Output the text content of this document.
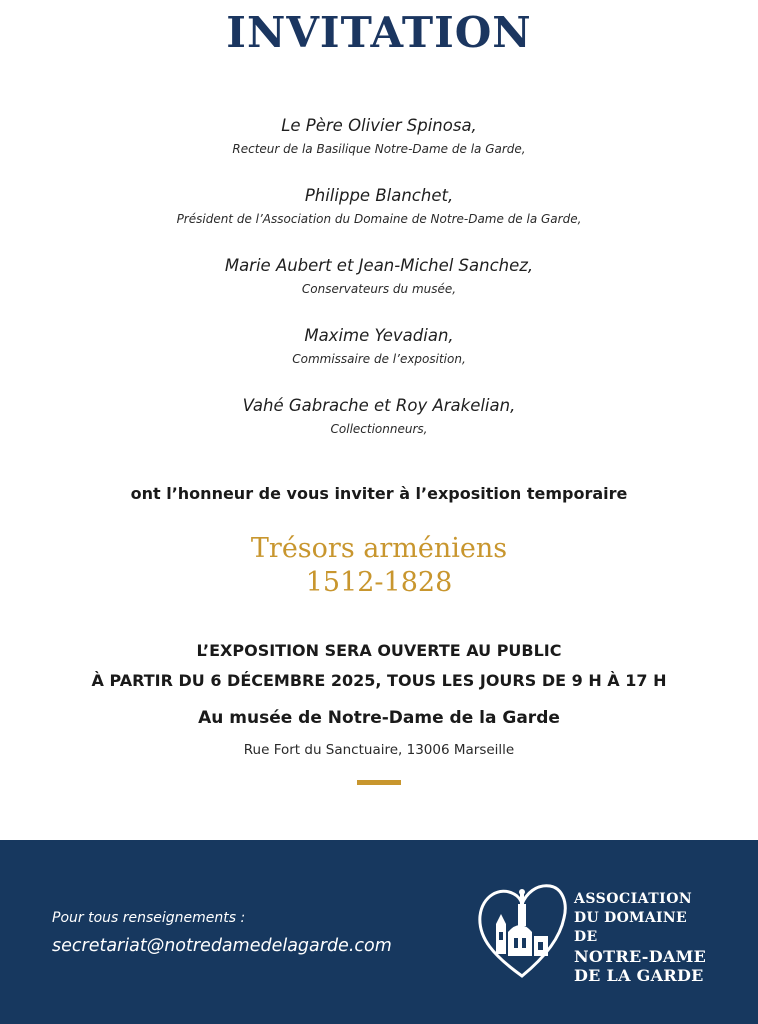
INVITATION
Le Père Olivier Spinosa,
Recteur de la Basilique Notre-Dame de la Garde,
Philippe Blanchet,
Président de l’Association du Domaine de Notre-Dame de la Garde,
Marie Aubert et Jean-Michel Sanchez,
Conservateurs du musée,
Maxime Yevadian,
Commissaire de l’exposition,
Vahé Gabrache et Roy Arakelian,
Collectionneurs,
ont l’honneur de vous inviter à l’exposition temporaire
Trésors arméniens
1512-1828
L’EXPOSITION SERA OUVERTE AU PUBLIC
À PARTIR DU 6 DÉCEMBRE 2025, TOUS LES JOURS DE 9 H À 17 H
Au musée de Notre-Dame de la Garde
Rue Fort du Sanctuaire, 13006 Marseille
Pour tous renseignements :
secretariat@notredamedelagarde.com
ASSOCIATION
DU DOMAINE DE
NOTRE-DAME
DE LA GARDE
